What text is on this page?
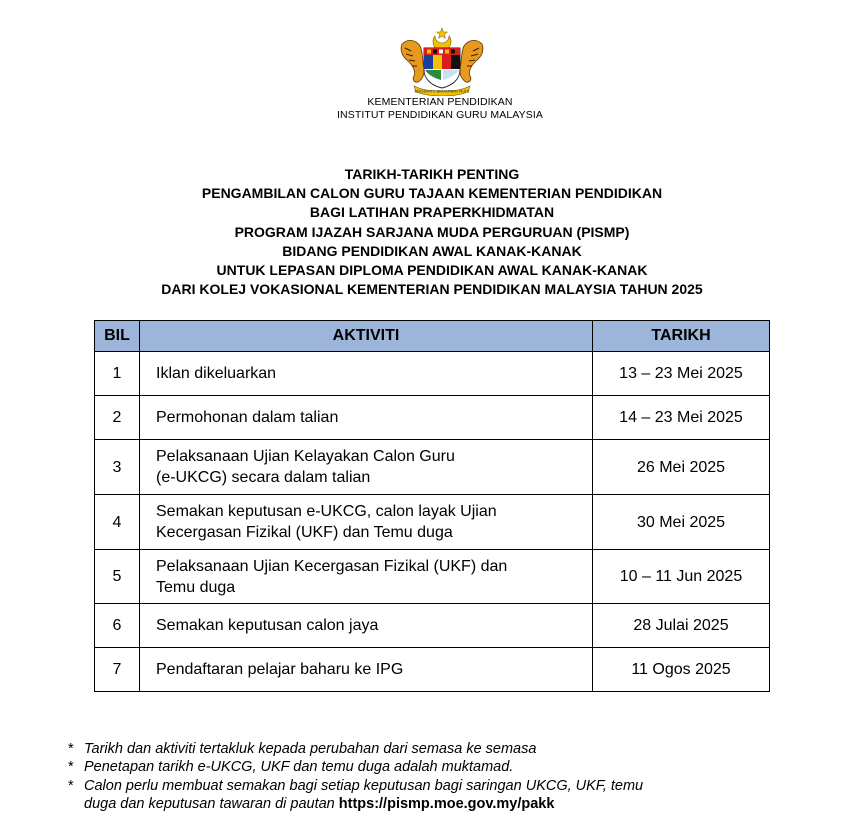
BERSEKUTU BERTAMBAH MUTU
KEMENTERIAN PENDIDIKAN
INSTITUT PENDIDIKAN GURU MALAYSIA
TARIKH-TARIKH PENTING
PENGAMBILAN CALON GURU TAJAAN KEMENTERIAN PENDIDIKAN
BAGI LATIHAN PRAPERKHIDMATAN
PROGRAM IJAZAH SARJANA MUDA PERGURUAN (PISMP)
BIDANG PENDIDIKAN AWAL KANAK-KANAK
UNTUK LEPASAN DIPLOMA PENDIDIKAN AWAL KANAK-KANAK
DARI KOLEJ VOKASIONAL KEMENTERIAN PENDIDIKAN MALAYSIA TAHUN 2025
BIL	AKTIVITI	TARIKH
1	Iklan dikeluarkan	13 – 23 Mei 2025
2	Permohonan dalam talian	14 – 23 Mei 2025
3	Pelaksanaan Ujian Kelayakan Calon Guru
(e-UKCG) secara dalam talian	26 Mei 2025
4	Semakan keputusan e-UKCG, calon layak Ujian
Kecergasan Fizikal (UKF) dan Temu duga	30 Mei 2025
5	Pelaksanaan Ujian Kecergasan Fizikal (UKF) dan
Temu duga	10 – 11 Jun 2025
6	Semakan keputusan calon jaya	28 Julai 2025
7	Pendaftaran pelajar baharu ke IPG	11 Ogos 2025
* Tarikh dan aktiviti tertakluk kepada perubahan dari semasa ke semasa
* Penetapan tarikh e-UKCG, UKF dan temu duga adalah muktamad.
* Calon perlu membuat semakan bagi setiap keputusan bagi saringan UKCG, UKF, temu
duga dan keputusan tawaran di pautan https://pismp.moe.gov.my/pakk
